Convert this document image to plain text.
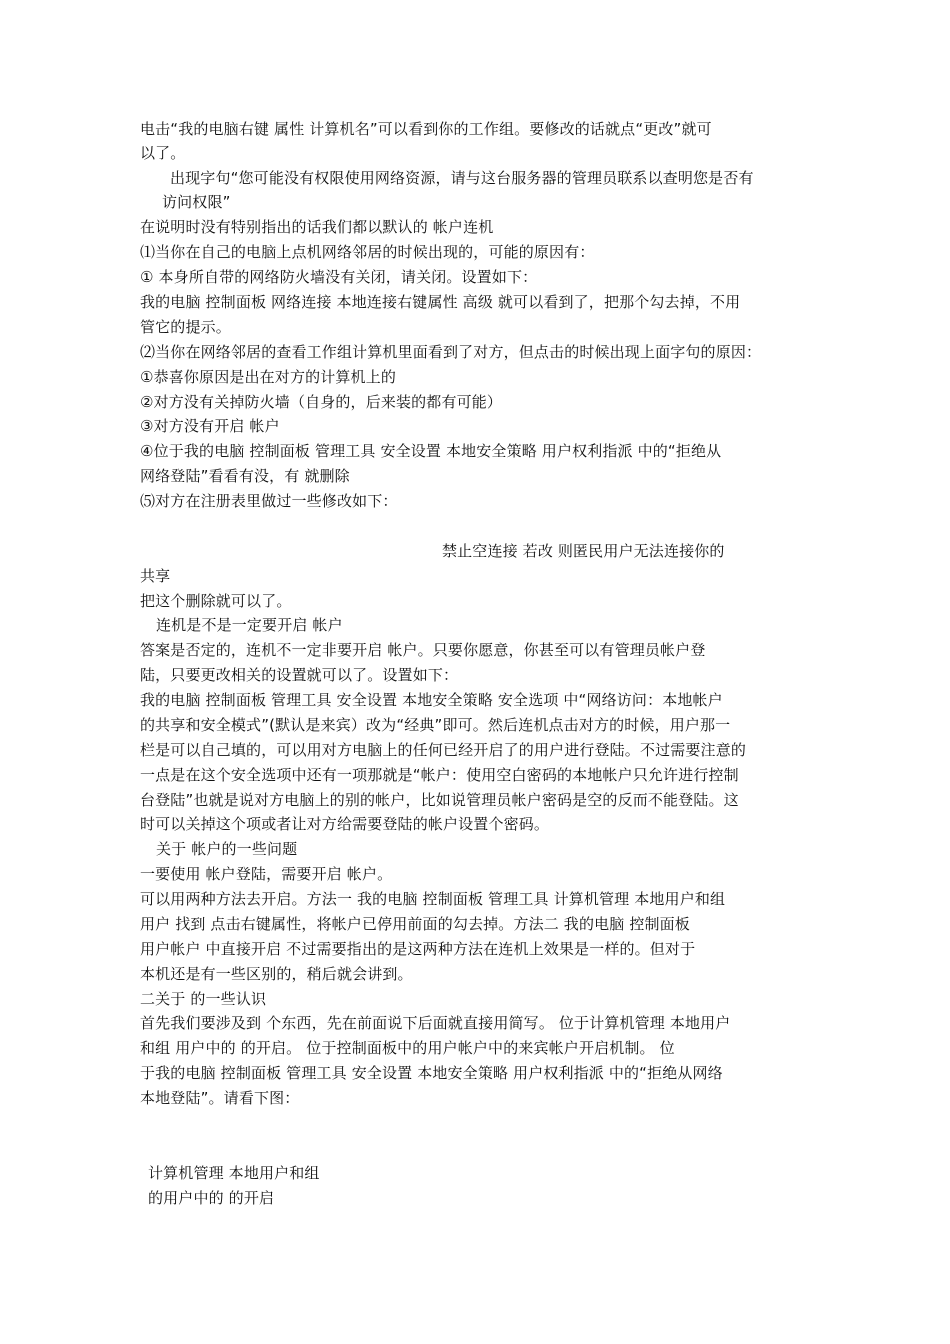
电击“我的电脑右键 属性 计算机名”可以看到你的工作组。要修改的话就点“更改”就可
以了。
出现字句“您可能没有权限使用网络资源，请与这台服务器的管理员联系以查明您是否有
访问权限”
在说明时没有特别指出的话我们都以默认的 帐户连机
⑴当你在自己的电脑上点机网络邻居的时候出现的，可能的原因有：
① 本身所自带的网络防火墙没有关闭，请关闭。设置如下：
我的电脑 控制面板 网络连接 本地连接右键属性 高级 就可以看到了，把那个勾去掉，不用
管它的提示。
⑵当你在网络邻居的查看工作组计算机里面看到了对方，但点击的时候出现上面字句的原因：
①恭喜你原因是出在对方的计算机上的
②对方没有关掉防火墙（自身的，后来装的都有可能）
③对方没有开启 帐户
④位于我的电脑 控制面板 管理工具 安全设置 本地安全策略 用户权利指派 中的“拒绝从
网络登陆”看看有没，有 就删除
⑸对方在注册表里做过一些修改如下：
禁止空连接 若改 则匿民用户无法连接你的
共享
把这个删除就可以了。
连机是不是一定要开启 帐户
答案是否定的，连机不一定非要开启 帐户。只要你愿意，你甚至可以有管理员帐户登
陆，只要更改相关的设置就可以了。设置如下：
我的电脑 控制面板 管理工具 安全设置 本地安全策略 安全选项 中“网络访问：本地帐户
的共享和安全模式”(默认是来宾）改为“经典”即可。然后连机点击对方的时候，用户那一
栏是可以自己填的，可以用对方电脑上的任何已经开启了的用户进行登陆。不过需要注意的
一点是在这个安全选项中还有一项那就是“帐户：使用空白密码的本地帐户只允许进行控制
台登陆”也就是说对方电脑上的别的帐户，比如说管理员帐户密码是空的反而不能登陆。这
时可以关掉这个项或者让对方给需要登陆的帐户设置个密码。
关于 帐户的一些问题
一要使用 帐户登陆，需要开启 帐户。
可以用两种方法去开启。方法一 我的电脑 控制面板 管理工具 计算机管理 本地用户和组
用户 找到 点击右键属性，将帐户已停用前面的勾去掉。方法二 我的电脑 控制面板
用户帐户 中直接开启 不过需要指出的是这两种方法在连机上效果是一样的。但对于
本机还是有一些区别的，稍后就会讲到。
二关于 的一些认识
首先我们要涉及到 个东西，先在前面说下后面就直接用简写。 位于计算机管理 本地用户
和组 用户中的 的开启。 位于控制面板中的用户帐户中的来宾帐户开启机制。 位
于我的电脑 控制面板 管理工具 安全设置 本地安全策略 用户权利指派 中的“拒绝从网络
本地登陆”。请看下图：
计算机管理 本地用户和组
的用户中的 的开启
